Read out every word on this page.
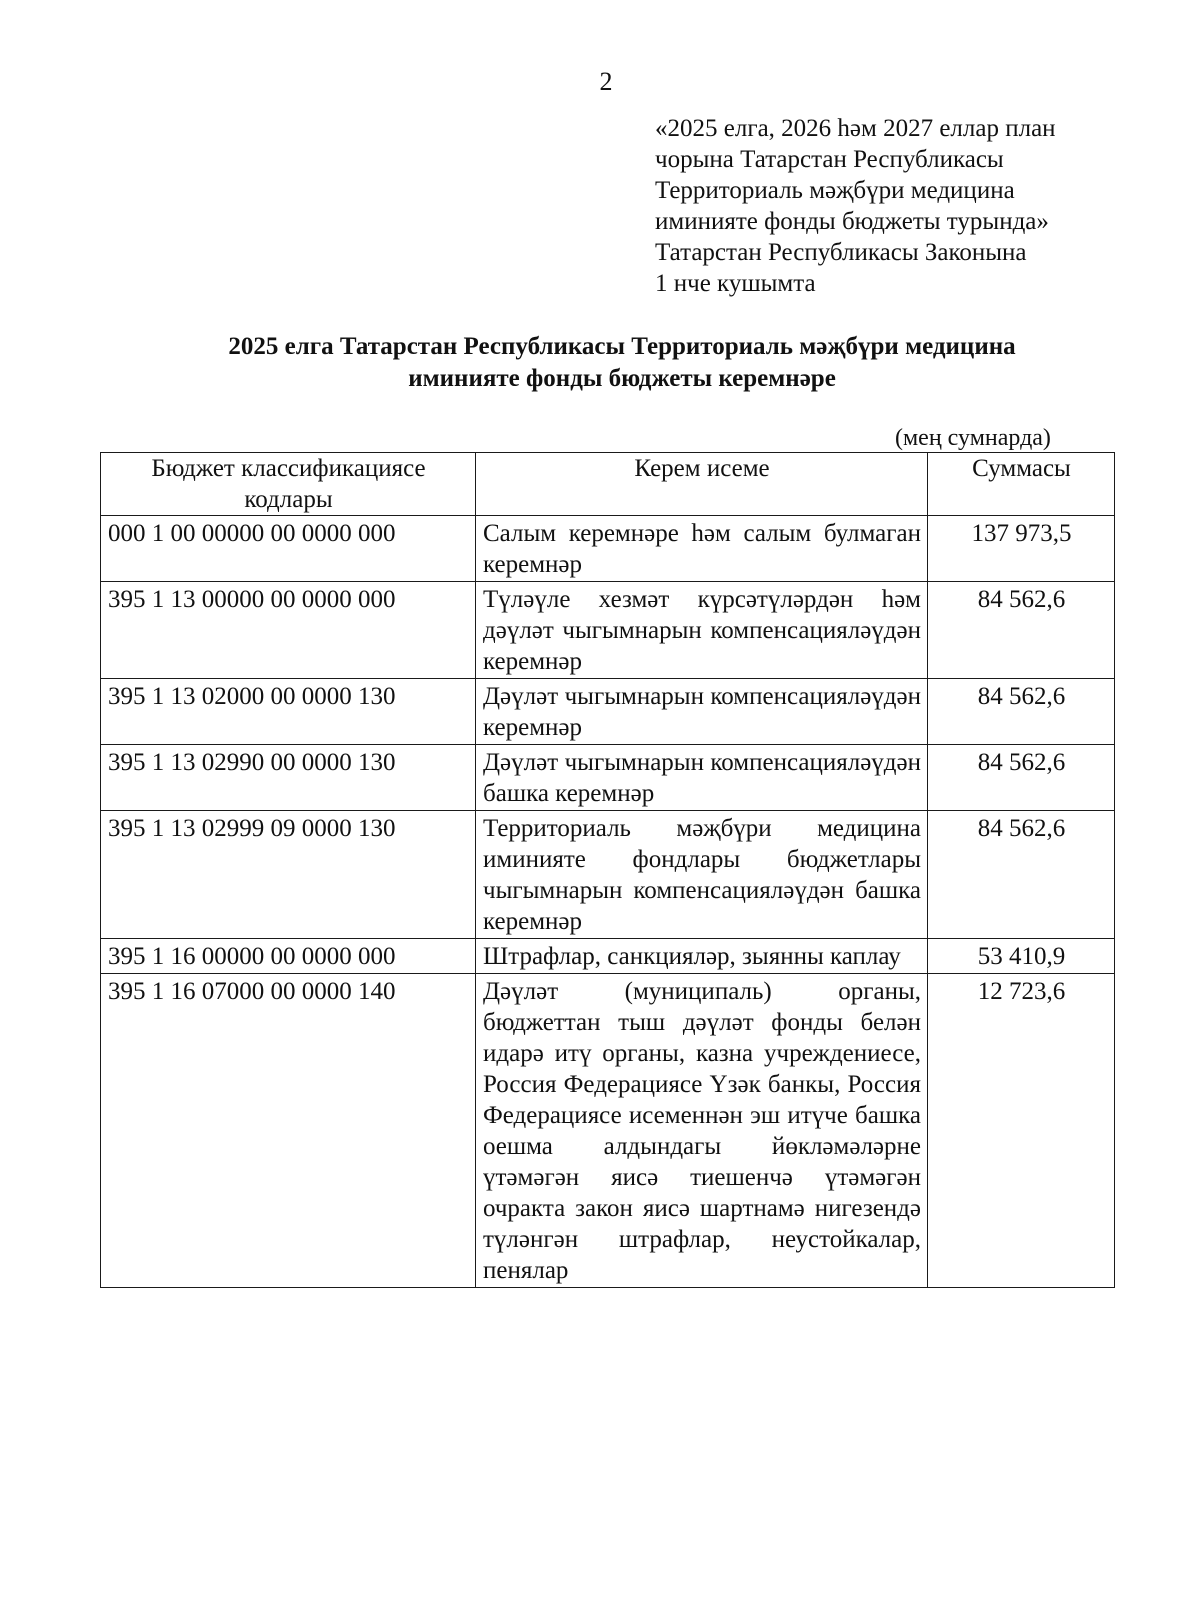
2
«2025 елга, 2026 һәм 2027 еллар план
чорына Татарстан Республикасы
Территориаль мәҗбүри медицина
иминияте фонды бюджеты турында»
Татарстан Республикасы Законына
1 нче кушымта
2025 елга Татарстан Республикасы Территориаль мәҗбүри медицина
иминияте фонды бюджеты керемнәре
(мең сумнарда)
Бюджет классификациясе кодлары	Керем исеме	Суммасы
000 1 00 00000 00 0000 000	Салым керемнәре һәм салым булмаган керемнәр	137 973,5
395 1 13 00000 00 0000 000	Түләүле хезмәт күрсәтүләрдән һәм дәүләт чыгымнарын компенсацияләүдән керемнәр	84 562,6
395 1 13 02000 00 0000 130	Дәүләт чыгымнарын компенсацияләүдән керемнәр	84 562,6
395 1 13 02990 00 0000 130	Дәүләт чыгымнарын компенсацияләүдән башка керемнәр	84 562,6
395 1 13 02999 09 0000 130	Территориаль мәҗбүри медицина иминияте фондлары бюджетлары чыгымнарын компенсацияләүдән башка керемнәр	84 562,6
395 1 16 00000 00 0000 000	Штрафлар, санкцияләр, зыянны каплау	53 410,9
395 1 16 07000 00 0000 140	Дәүләт (муниципаль) органы, бюджеттан тыш дәүләт фонды белән идарә итү органы, казна учреждениесе, Россия Федерациясе Үзәк банкы, Россия Федерациясе исеменнән эш итүче башка оешма алдындагы йөкләмәләрне үтәмәгән яисә тиешенчә үтәмәгән очракта закон яисә шартнамә нигезендә түләнгән штрафлар, неустойкалар, пенялар	12 723,6
